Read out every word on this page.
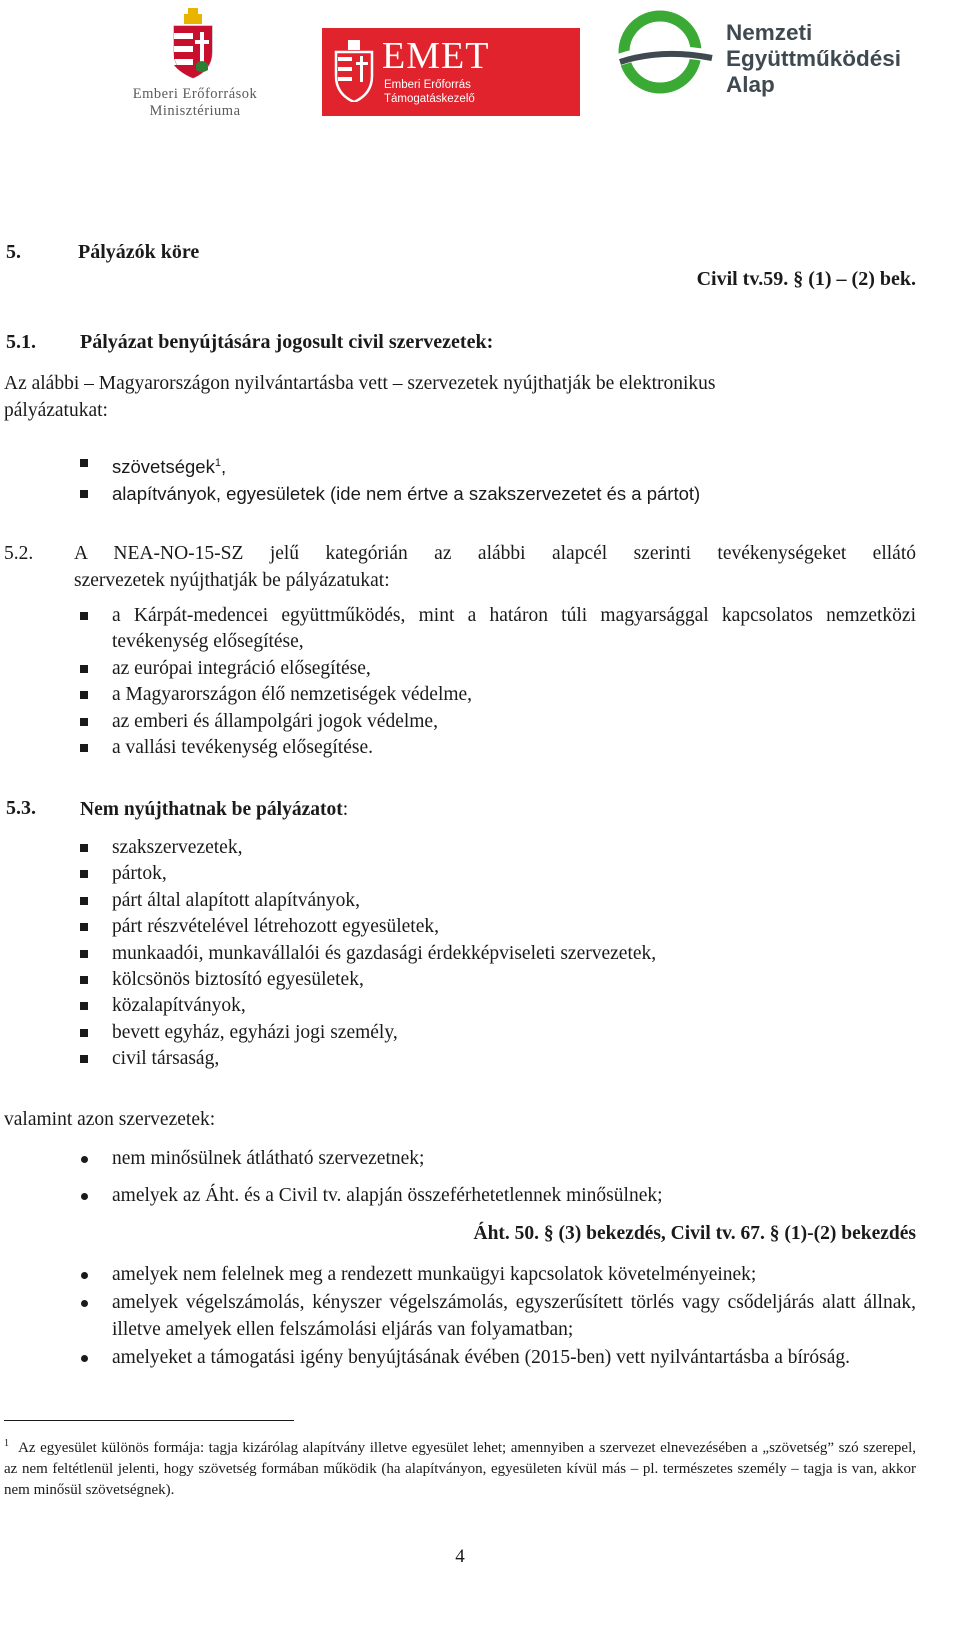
Emberi Erőforrások
Minisztériuma
EMET
Emberi Erőforrás
Támogatáskezelő
Nemzeti
Együttműködési
Alap
5.	Pályázók köre
Civil tv.59. § (1) – (2) bek.
5.1. Pályázat benyújtására jogosult civil szervezetek:
Az alábbi – Magyarországon nyilvántartásba vett – szervezetek nyújthatják be elektronikus
pályázatukat:
szövetségek$^1$,
alapítványok, egyesületek (ide nem értve a szakszervezetet és a pártot)
5.2. A NEA-NO-15-SZ jelű kategórián az alábbi alapcél szerinti tevékenységeket ellátó
szervezetek nyújthatják be pályázatukat:
a Kárpát-medencei együttműködés, mint a határon túli magyarsággal kapcsolatos nemzetközi tevékenység elősegítése,
az európai integráció elősegítése,
a Magyarországon élő nemzetiségek védelme,
az emberi és állampolgári jogok védelme,
a vallási tevékenység elősegítése.
5.3. Nem nyújthatnak be pályázatot:
szakszervezetek,
pártok,
párt által alapított alapítványok,
párt részvételével létrehozott egyesületek,
munkaadói, munkavállalói és gazdasági érdekképviseleti szervezetek,
kölcsönös biztosító egyesületek,
közalapítványok,
bevett egyház, egyházi jogi személy,
civil társaság,
valamint azon szervezetek:
nem minősülnek átlátható szervezetnek;
amelyek az Áht. és a Civil tv. alapján összeférhetetlennek minősülnek;
Áht. 50. § (3) bekezdés, Civil tv. 67. § (1)-(2) bekezdés
amelyek nem felelnek meg a rendezett munkaügyi kapcsolatok követelményeinek;
amelyek végelszámolás, kényszer végelszámolás, egyszerűsített törlés vagy csődeljárás alatt állnak, illetve amelyek ellen felszámolási eljárás van folyamatban;
amelyeket a támogatási igény benyújtásának évében (2015-ben) vett nyilvántartásba a bíróság.
$^1$ Az egyesület különös formája: tagja kizárólag alapítvány illetve egyesület lehet; amennyiben a szervezet elnevezésében a „szövetség” szó szerepel, az nem feltétlenül jelenti, hogy szövetség formában működik (ha alapítványon, egyesületen kívül más – pl. természetes személy – tagja is van, akkor nem minősül szövetségnek).
4
